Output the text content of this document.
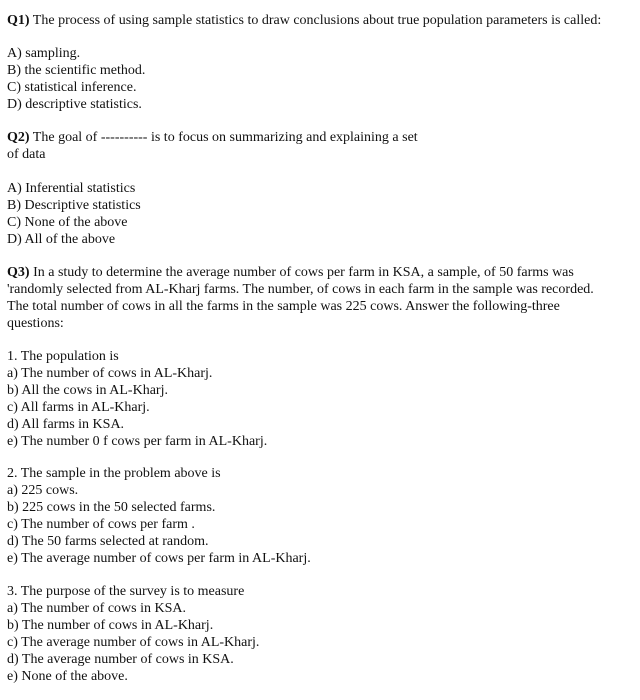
Q1) The process of using sample statistics to draw conclusions about true population parameters is called:
A) sampling.
B) the scientific method.
C) statistical inference.
D) descriptive statistics.
Q2) The goal of ---------- is to focus on summarizing and explaining a set
of data
A) Inferential statistics
B) Descriptive statistics
C) None of the above
D) All of the above
Q3) In a study to determine the average number of cows per farm in KSA, a sample, of 50 farms was
'randomly selected from AL-Kharj farms. The number, of cows in each farm in the sample was recorded.
The total number of cows in all the farms in the sample was 225 cows. Answer the following-three
questions:
1. The population is
a) The number of cows in AL-Kharj.
b) All the cows in AL-Kharj.
c) All farms in AL-Kharj.
d) All farms in KSA.
e) The number 0 f cows per farm in AL-Kharj.
2. The sample in the problem above is
a) 225 cows.
b) 225 cows in the 50 selected farms.
c) The number of cows per farm .
d) The 50 farms selected at random.
e) The average number of cows per farm in AL-Kharj.
3. The purpose of the survey is to measure
a) The number of cows in KSA.
b) The number of cows in AL-Kharj.
c) The average number of cows in AL-Kharj.
d) The average number of cows in KSA.
e) None of the above.
